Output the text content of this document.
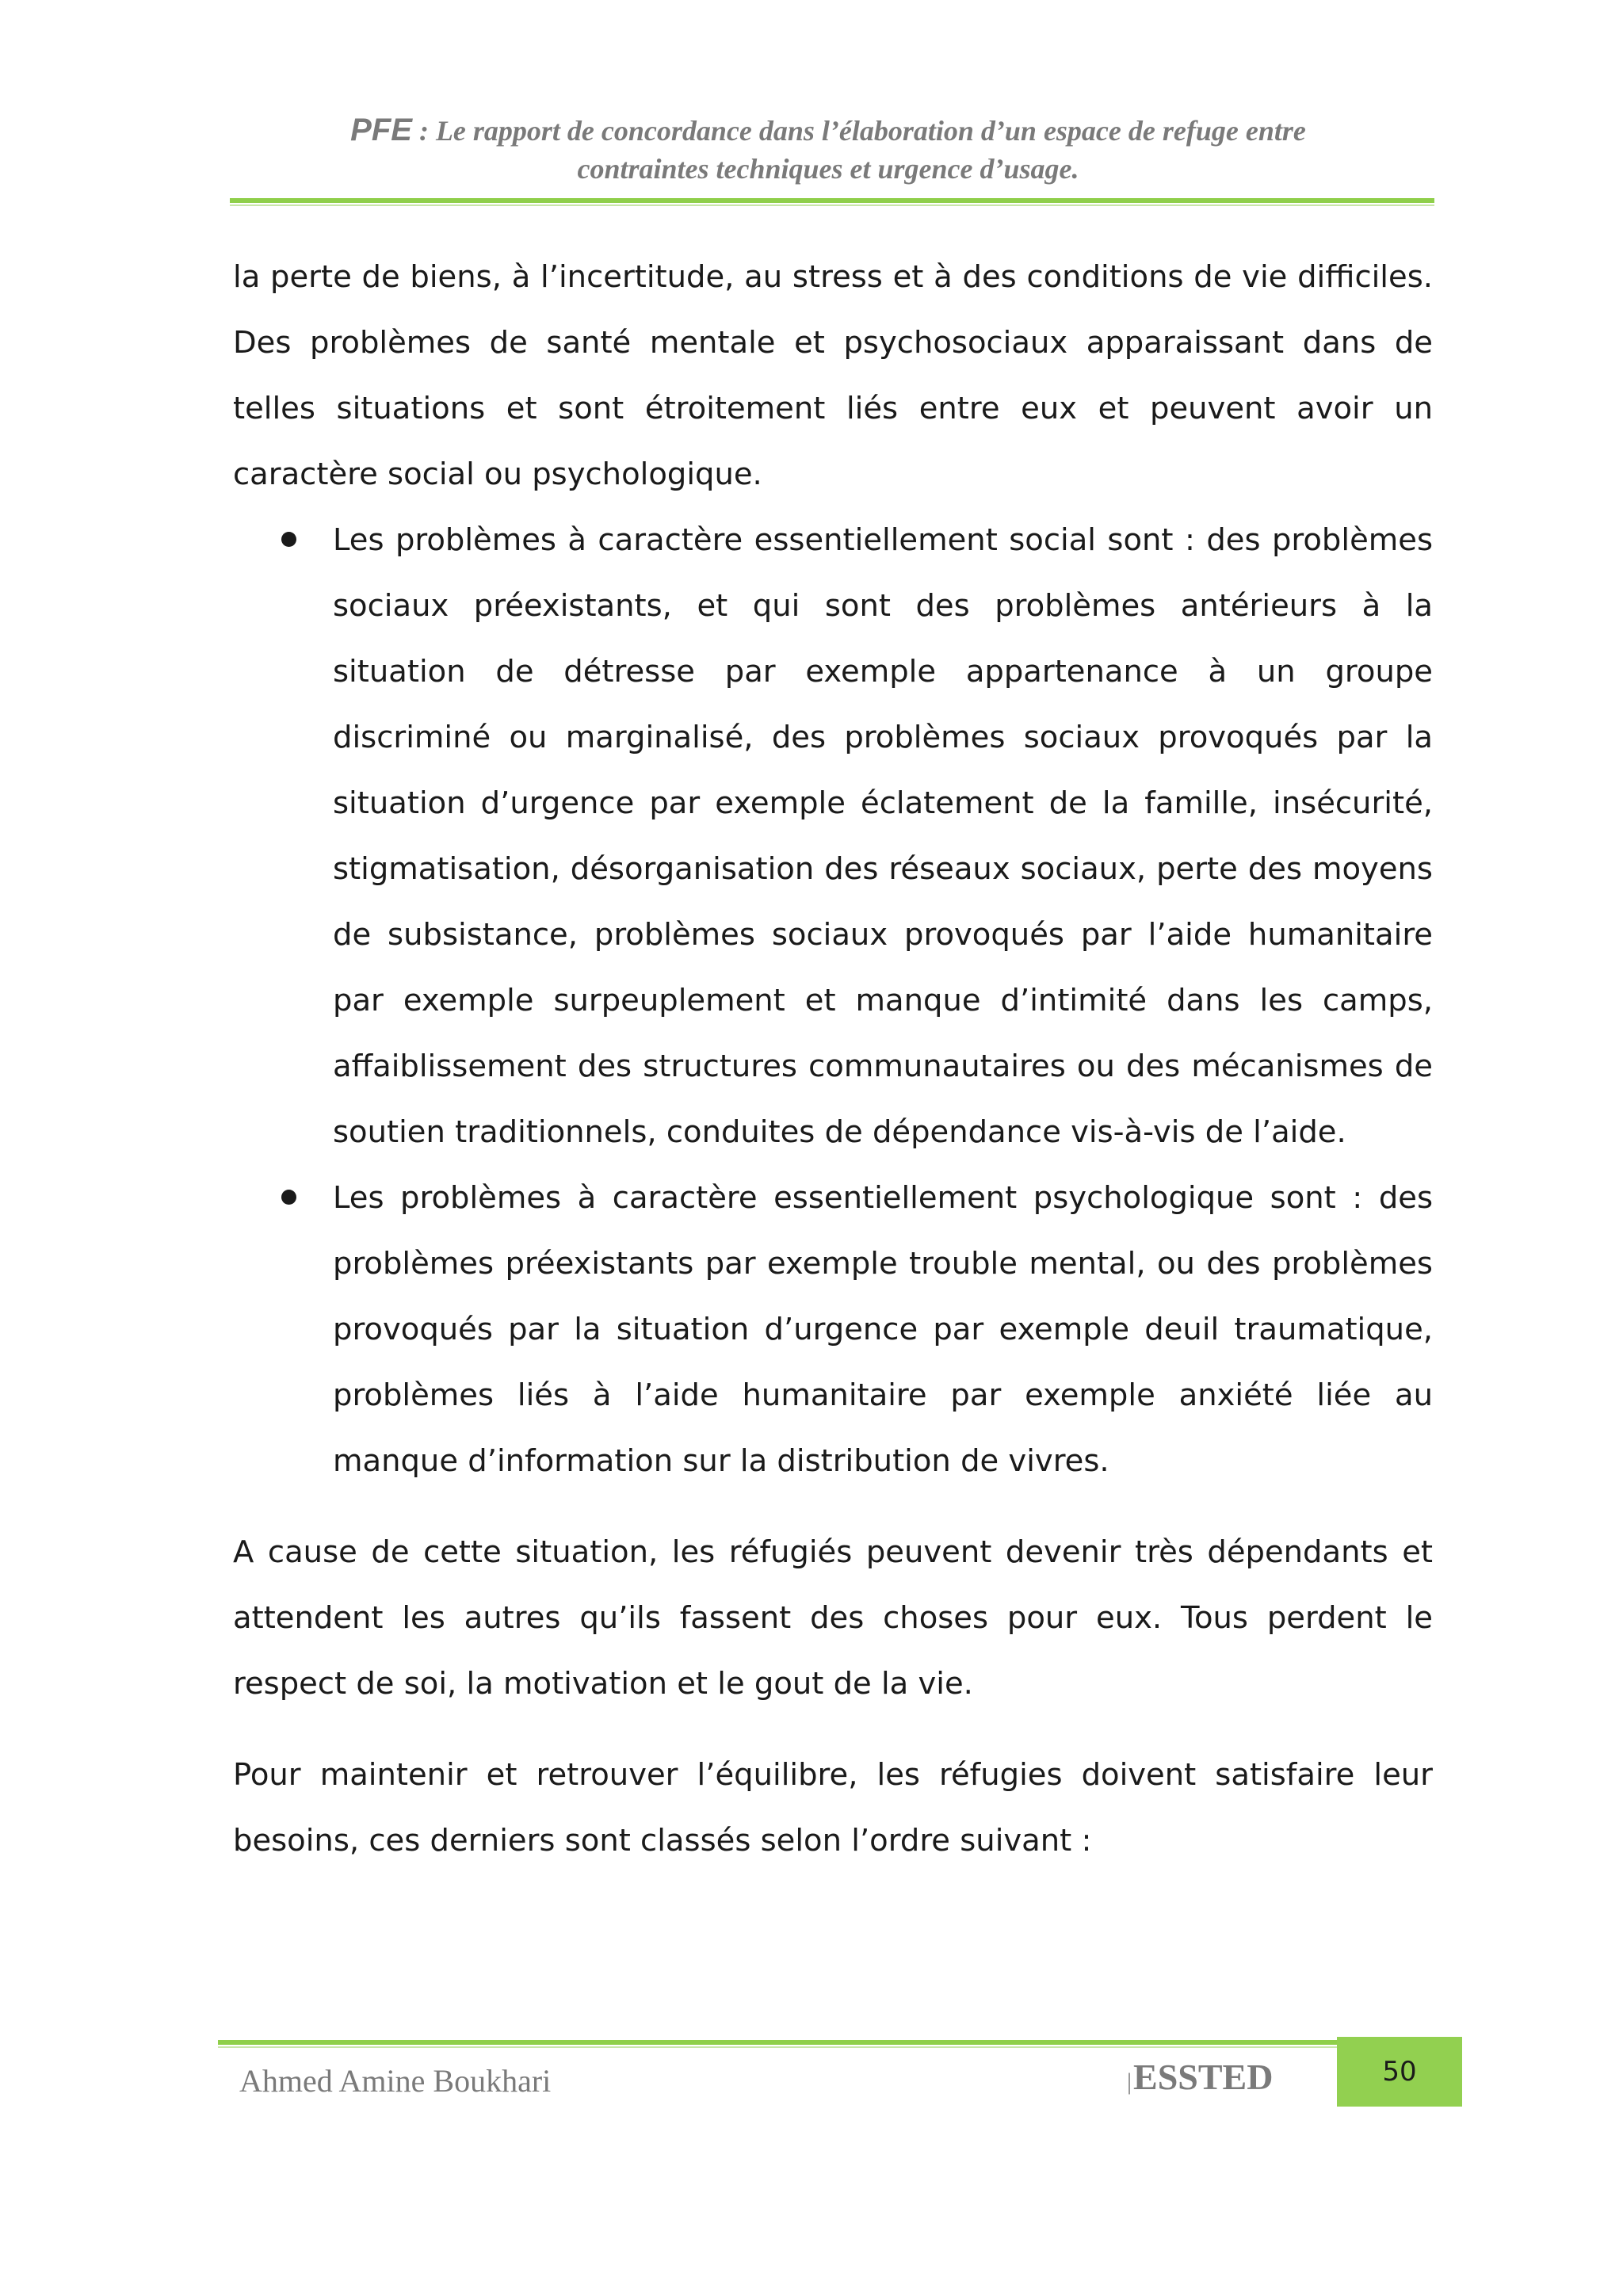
PFE : Le rapport de concordance dans l’élaboration d’un espace de refuge entre
contraintes techniques et urgence d’usage.

la perte de biens, à l’incertitude, au stress et à des conditions de vie difficiles. Des problèmes de santé mentale et psychosociaux apparaissant dans de telles situations et sont étroitement liés entre eux et peuvent avoir un caractère social ou psychologique.

Les problèmes à caractère essentiellement social sont : des problèmes sociaux préexistants, et qui sont des problèmes antérieurs à la situation de détresse par exemple appartenance à un groupe discriminé ou marginalisé, des problèmes sociaux provoqués par la situation d’urgence par exemple éclatement de la famille, insécurité, stigmatisation, désorganisation des réseaux sociaux, perte des moyens de subsistance, problèmes sociaux provoqués par l’aide humanitaire par exemple surpeuplement et manque d’intimité dans les camps, affaiblissement des structures communautaires ou des mécanismes de soutien traditionnels, conduites de dépendance vis-à-vis de l’aide.
Les problèmes à caractère essentiellement psychologique sont : des problèmes préexistants par exemple trouble mental, ou des problèmes provoqués par la situation d’urgence par exemple deuil traumatique, problèmes liés à l’aide humanitaire par exemple anxiété liée au manque d’information sur la distribution de vivres.

A cause de cette situation, les réfugiés peuvent devenir très dépendants et attendent les autres qu’ils fassent des choses pour eux. Tous perdent le respect de soi, la motivation et le gout de la vie.

Pour maintenir et retrouver l’équilibre, les réfugies doivent satisfaire leur besoins, ces derniers sont classés selon l’ordre suivant :

Ahmed Amine Boukhari	|ESSTED	50
